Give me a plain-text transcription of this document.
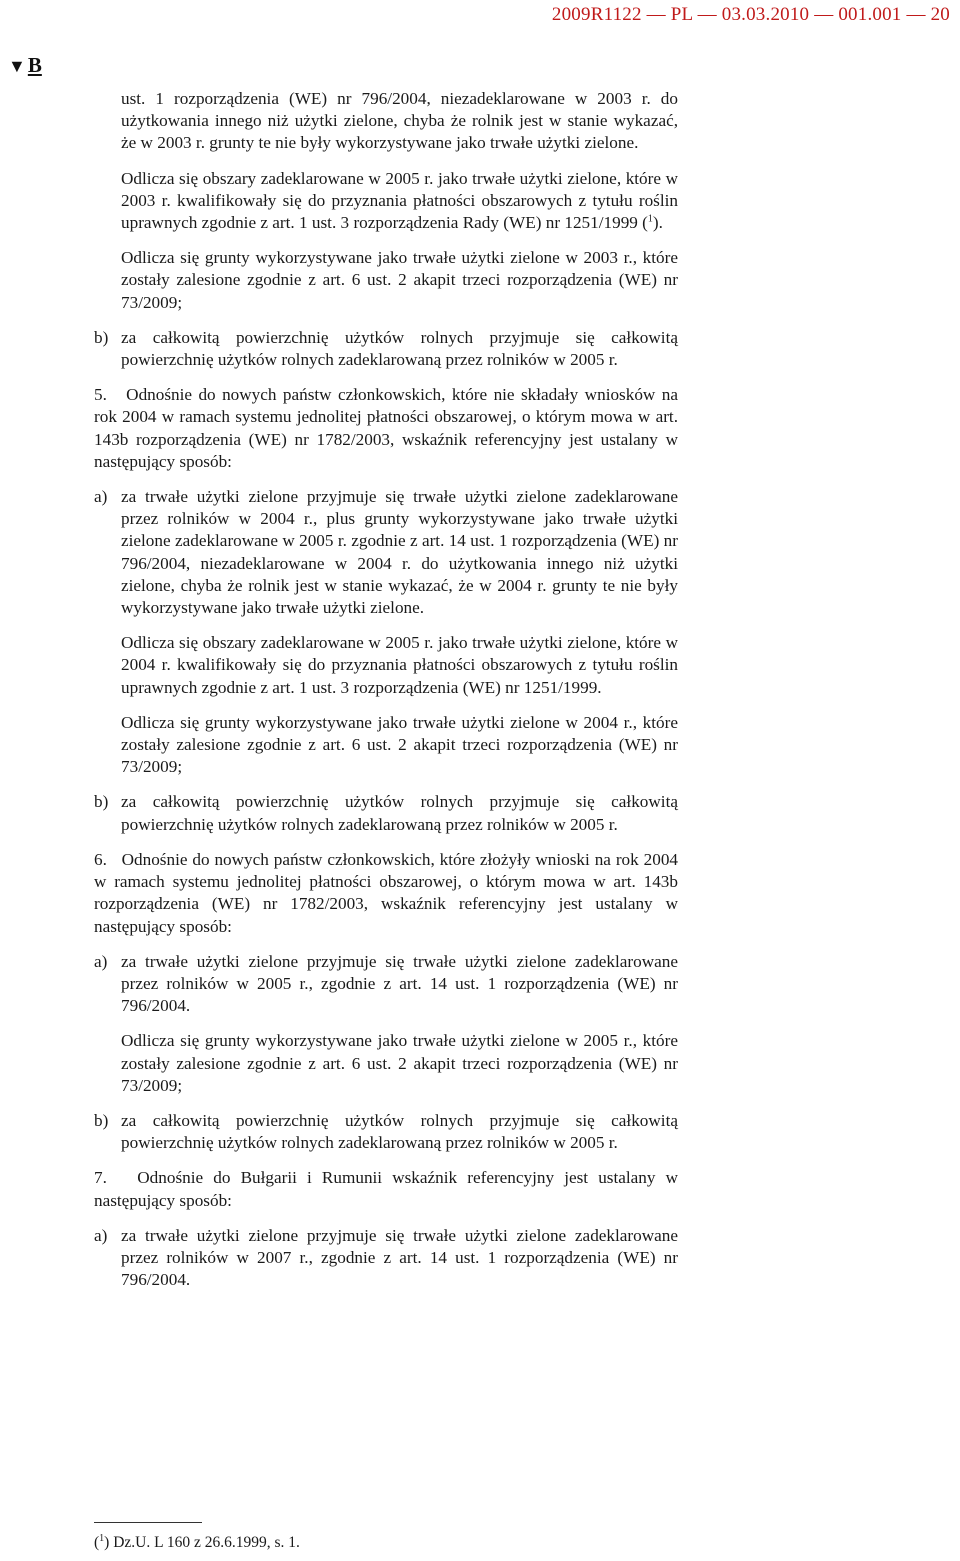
2009R1122 — PL — 03.03.2010 — 001.001 — 20
▼B

ust. 1 rozporządzenia (WE) nr 796/2004, niezadeklarowane w 2003 r. do użytkowania innego niż użytki zielone, chyba że rolnik jest w stanie wykazać, że w 2003 r. grunty te nie były wykorzystywane jako trwałe użytki zielone.

Odlicza się obszary zadeklarowane w 2005 r. jako trwałe użytki zielone, które w 2003 r. kwalifikowały się do przyznania płatności obszarowych z tytułu roślin uprawnych zgodnie z art. 1 ust. 3 rozporządzenia Rady (WE) nr 1251/1999 ($^1$).

Odlicza się grunty wykorzystywane jako trwałe użytki zielone w 2003 r., które zostały zalesione zgodnie z art. 6 ust. 2 akapit trzeci rozporządzenia (WE) nr 73/2009;

b) za całkowitą powierzchnię użytków rolnych przyjmuje się całkowitą powierzchnię użytków rolnych zadeklarowaną przez rolników w 2005 r.

5. Odnośnie do nowych państw członkowskich, które nie składały wniosków na rok 2004 w ramach systemu jednolitej płatności obszarowej, o którym mowa w art. 143b rozporządzenia (WE) nr 1782/2003, wskaźnik referencyjny jest ustalany w następujący sposób:

a) za trwałe użytki zielone przyjmuje się trwałe użytki zielone zadeklarowane przez rolników w 2004 r., plus grunty wykorzystywane jako trwałe użytki zielone zadeklarowane w 2005 r. zgodnie z art. 14 ust. 1 rozporządzenia (WE) nr 796/2004, niezadeklarowane w 2004 r. do użytkowania innego niż użytki zielone, chyba że rolnik jest w stanie wykazać, że w 2004 r. grunty te nie były wykorzystywane jako trwałe użytki zielone.

Odlicza się obszary zadeklarowane w 2005 r. jako trwałe użytki zielone, które w 2004 r. kwalifikowały się do przyznania płatności obszarowych z tytułu roślin uprawnych zgodnie z art. 1 ust. 3 rozporządzenia (WE) nr 1251/1999.

Odlicza się grunty wykorzystywane jako trwałe użytki zielone w 2004 r., które zostały zalesione zgodnie z art. 6 ust. 2 akapit trzeci rozporządzenia (WE) nr 73/2009;

b) za całkowitą powierzchnię użytków rolnych przyjmuje się całkowitą powierzchnię użytków rolnych zadeklarowaną przez rolników w 2005 r.

6. Odnośnie do nowych państw członkowskich, które złożyły wnioski na rok 2004 w ramach systemu jednolitej płatności obszarowej, o którym mowa w art. 143b rozporządzenia (WE) nr 1782/2003, wskaźnik referencyjny jest ustalany w następujący sposób:

a) za trwałe użytki zielone przyjmuje się trwałe użytki zielone zadeklarowane przez rolników w 2005 r., zgodnie z art. 14 ust. 1 rozporządzenia (WE) nr 796/2004.

Odlicza się grunty wykorzystywane jako trwałe użytki zielone w 2005 r., które zostały zalesione zgodnie z art. 6 ust. 2 akapit trzeci rozporządzenia (WE) nr 73/2009;

b) za całkowitą powierzchnię użytków rolnych przyjmuje się całkowitą powierzchnię użytków rolnych zadeklarowaną przez rolników w 2005 r.

7. Odnośnie do Bułgarii i Rumunii wskaźnik referencyjny jest ustalany w następujący sposób:

a) za trwałe użytki zielone przyjmuje się trwałe użytki zielone zadeklarowane przez rolników w 2007 r., zgodnie z art. 14 ust. 1 rozporządzenia (WE) nr 796/2004.
($^1$) Dz.U. L 160 z 26.6.1999, s. 1.
